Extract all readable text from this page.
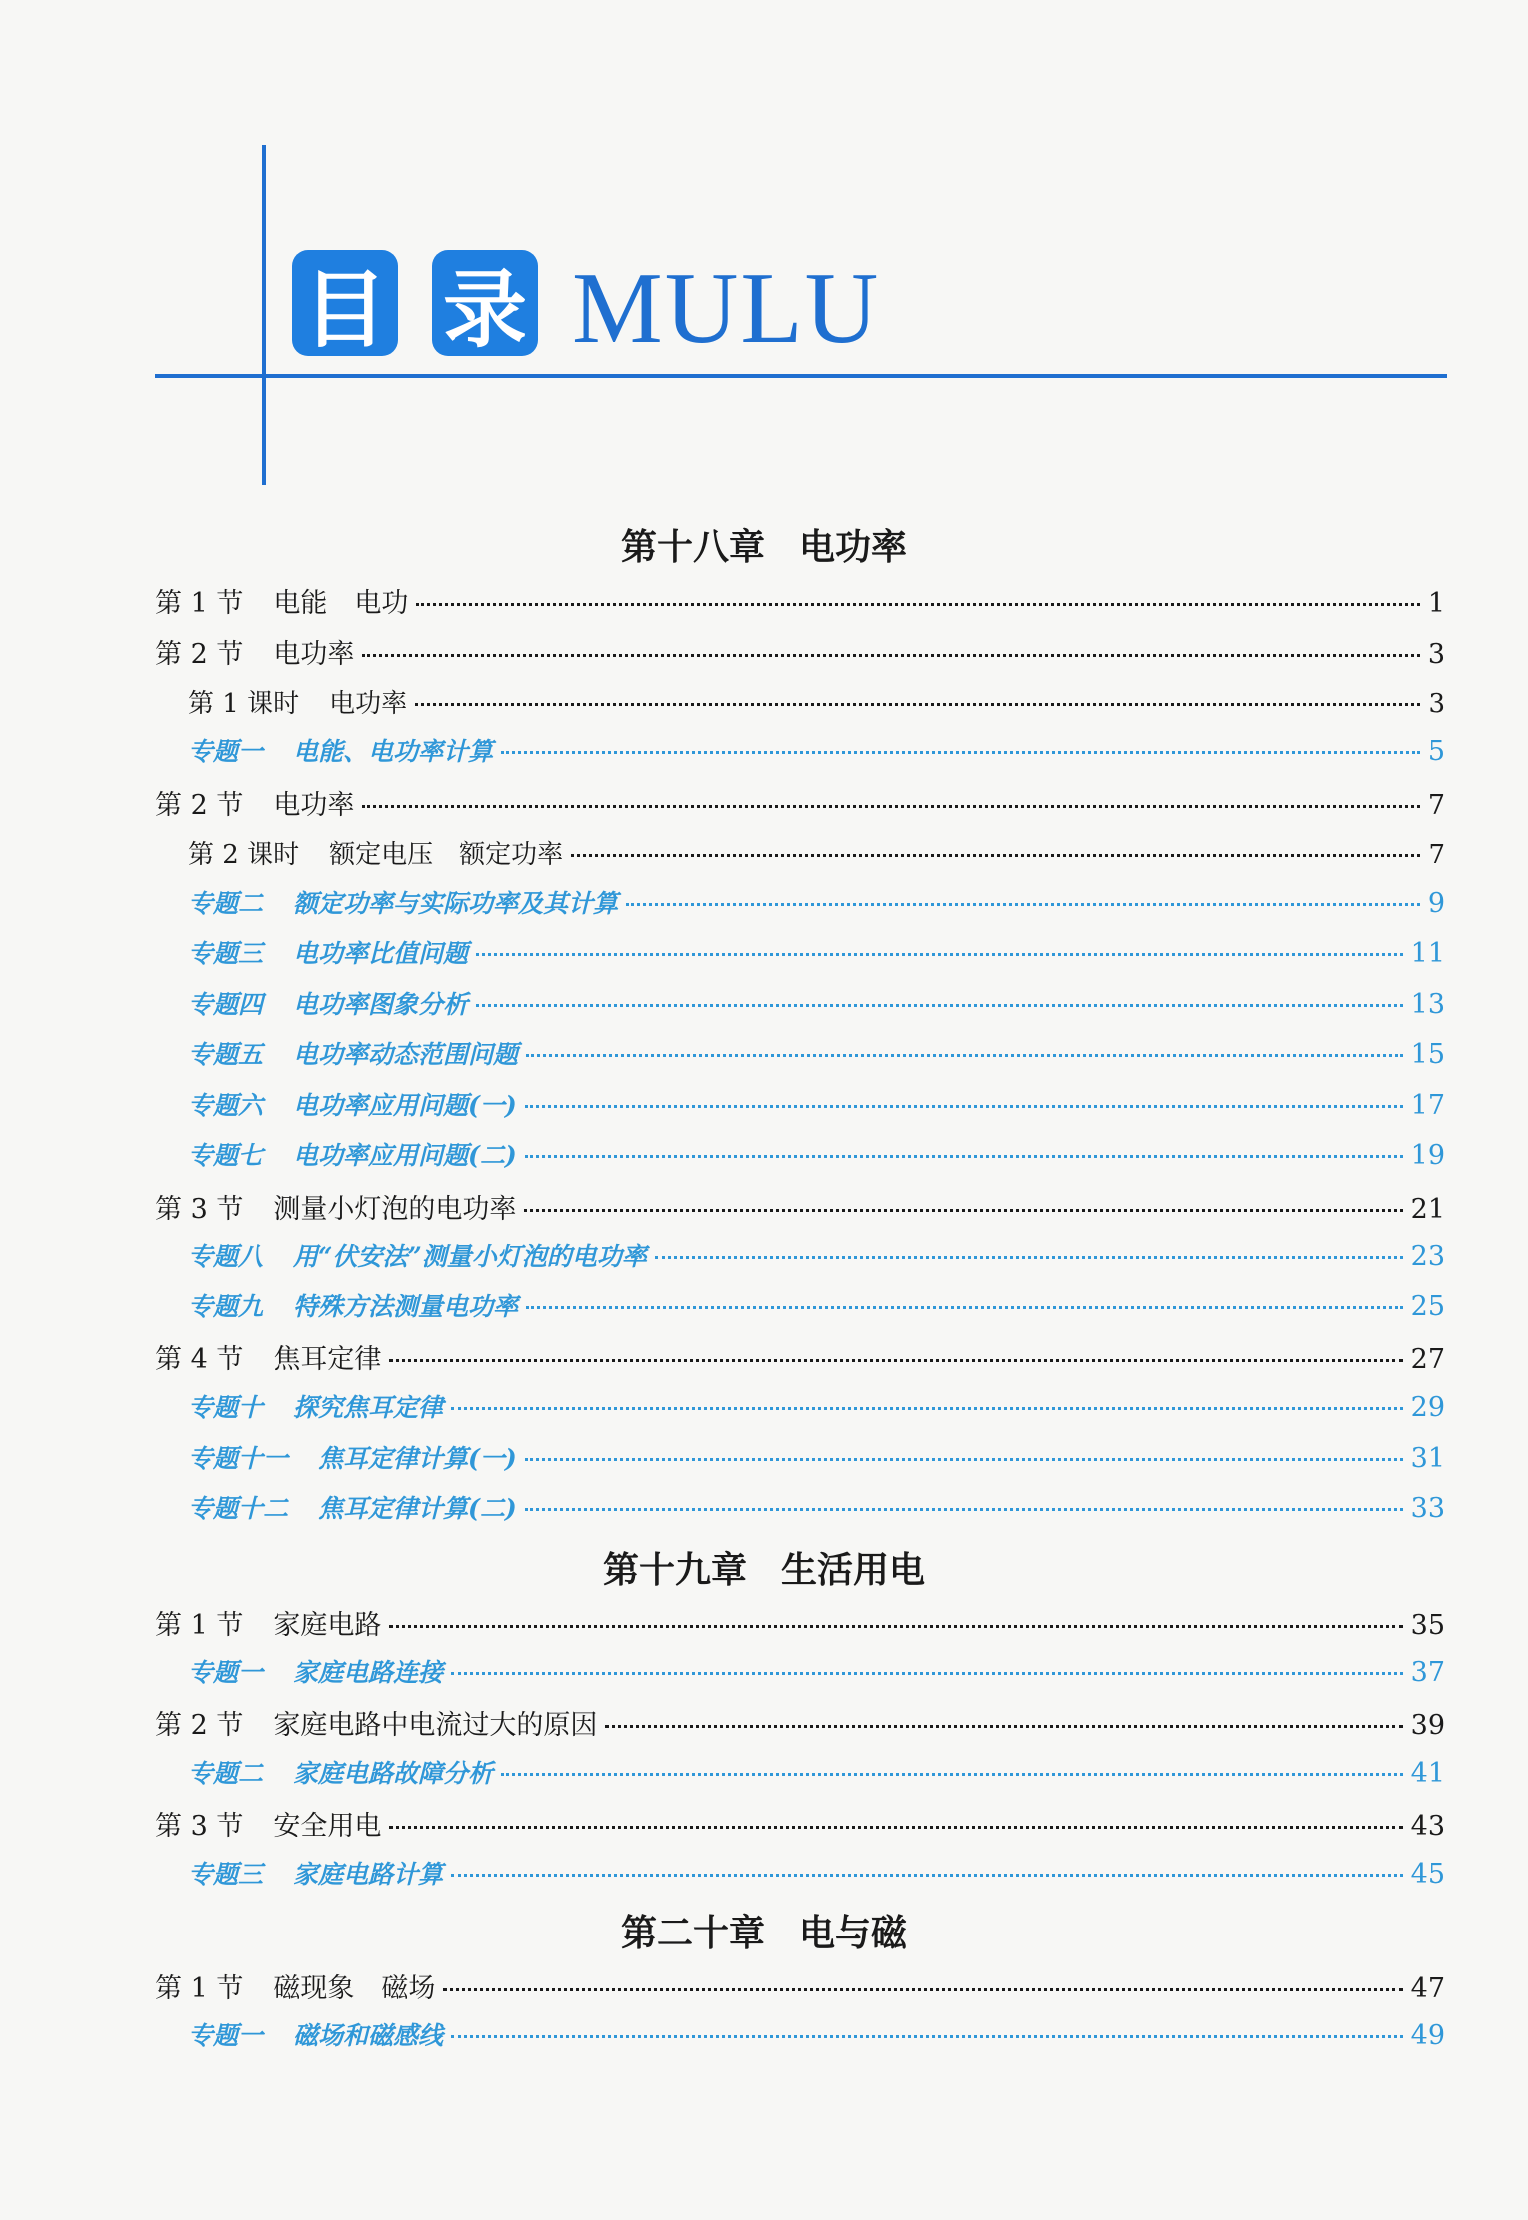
目 录 MULU
第十八章 电功率
第 1 节 电能　电功	1
第 2 节 电功率	3
第 1 课时 电功率	3
专题一 电能、电功率计算	5
第 2 节 电功率	7
第 2 课时 额定电压　额定功率	7
专题二 额定功率与实际功率及其计算	9
专题三 电功率比值问题	11
专题四 电功率图象分析	13
专题五 电功率动态范围问题	15
专题六 电功率应用问题(一)	17
专题七 电功率应用问题(二)	19
第 3 节 测量小灯泡的电功率	21
专题八 用“伏安法”测量小灯泡的电功率	23
专题九 特殊方法测量电功率	25
第 4 节 焦耳定律	27
专题十 探究焦耳定律	29
专题十一 焦耳定律计算(一)	31
专题十二 焦耳定律计算(二)	33
第十九章 生活用电
第 1 节 家庭电路	35
专题一 家庭电路连接	37
第 2 节 家庭电路中电流过大的原因	39
专题二 家庭电路故障分析	41
第 3 节 安全用电	43
专题三 家庭电路计算	45
第二十章 电与磁
第 1 节 磁现象　磁场	47
专题一 磁场和磁感线	49
